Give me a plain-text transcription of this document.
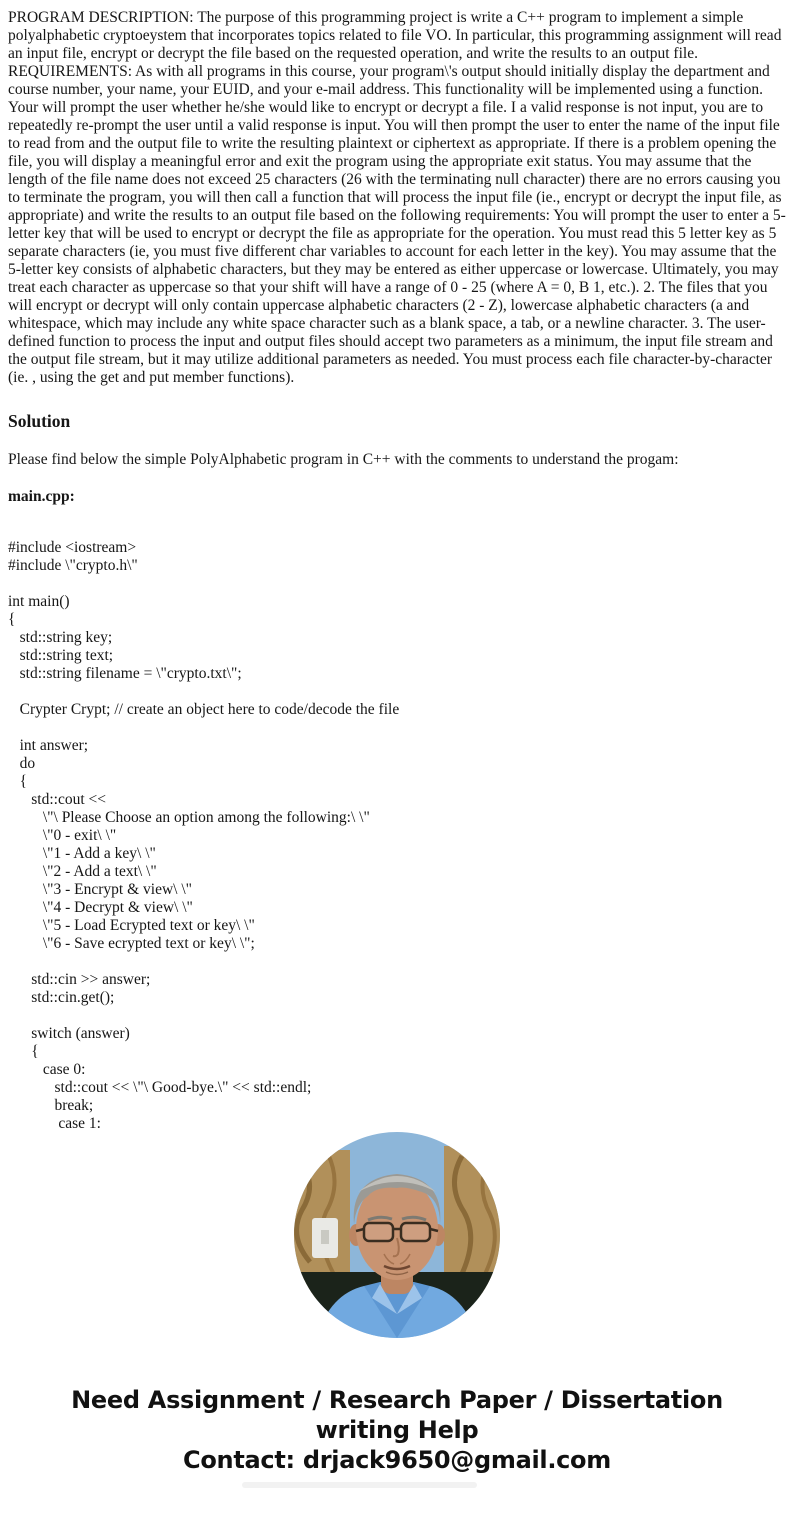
PROGRAM DESCRIPTION: The purpose of this programming project is write a C++ program to implement a simple polyalphabetic cryptoeystem that incorporates topics related to file VO. In particular, this programming assignment will read an input file, encrypt or decrypt the file based on the requested operation, and write the results to an output file. REQUIREMENTS: As with all programs in this course, your program\'s output should initially display the department and course number, your name, your EUID, and your e-mail address. This functionality will be implemented using a function. Your will prompt the user whether he/she would like to encrypt or decrypt a file. I a valid response is not input, you are to repeatedly re-prompt the user until a valid response is input. You will then prompt the user to enter the name of the input file to read from and the output file to write the resulting plaintext or ciphertext as appropriate. If there is a problem opening the file, you will display a meaningful error and exit the program using the appropriate exit status. You may assume that the length of the file name does not exceed 25 characters (26 with the terminating null character) there are no errors causing you to terminate the program, you will then call a function that will process the input file (ie., encrypt or decrypt the input file, as appropriate) and write the results to an output file based on the following requirements: You will prompt the user to enter a 5-letter key that will be used to encrypt or decrypt the file as appropriate for the operation. You must read this 5 letter key as 5 separate characters (ie, you must five different char variables to account for each letter in the key). You may assume that the 5-letter key consists of alphabetic characters, but they may be entered as either uppercase or lowercase. Ultimately, you may treat each character as uppercase so that your shift will have a range of 0 - 25 (where A = 0, B 1, etc.). 2. The files that you will encrypt or decrypt will only contain uppercase alphabetic characters (2 - Z), lowercase alphabetic characters (a and whitespace, which may include any white space character such as a blank space, a tab, or a newline character. 3. The user-defined function to process the input and output files should accept two parameters as a minimum, the input file stream and the output file stream, but it may utilize additional parameters as needed. You must process each file character-by-character (ie. , using the get and put member functions).

Solution

Please find below the simple PolyAlphabetic program in C++ with the comments to understand the progam:

main.cpp:

#include <iostream>
#include \"crypto.h\"

int main()
{
std::string key;
std::string text;
std::string filename = \"crypto.txt\";

Crypter Crypt; // create an object here to code/decode the file

int answer;
do
{
std::cout <<
\"\ Please Choose an option among the following:\ \"
\"0 - exit\ \"
\"1 - Add a key\ \"
\"2 - Add a text\ \"
\"3 - Encrypt & view\ \"
\"4 - Decrypt & view\ \"
\"5 - Load Ecrypted text or key\ \"
\"6 - Save ecrypted text or key\ \";

std::cin >> answer;
std::cin.get();

switch (answer)
{
case 0:
std::cout << \"\ Good-bye.\" << std::endl;
break;
case 1:
Need Assignment / Research Paper / Dissertation writing Help
Contact: drjack9650@gmail.com
